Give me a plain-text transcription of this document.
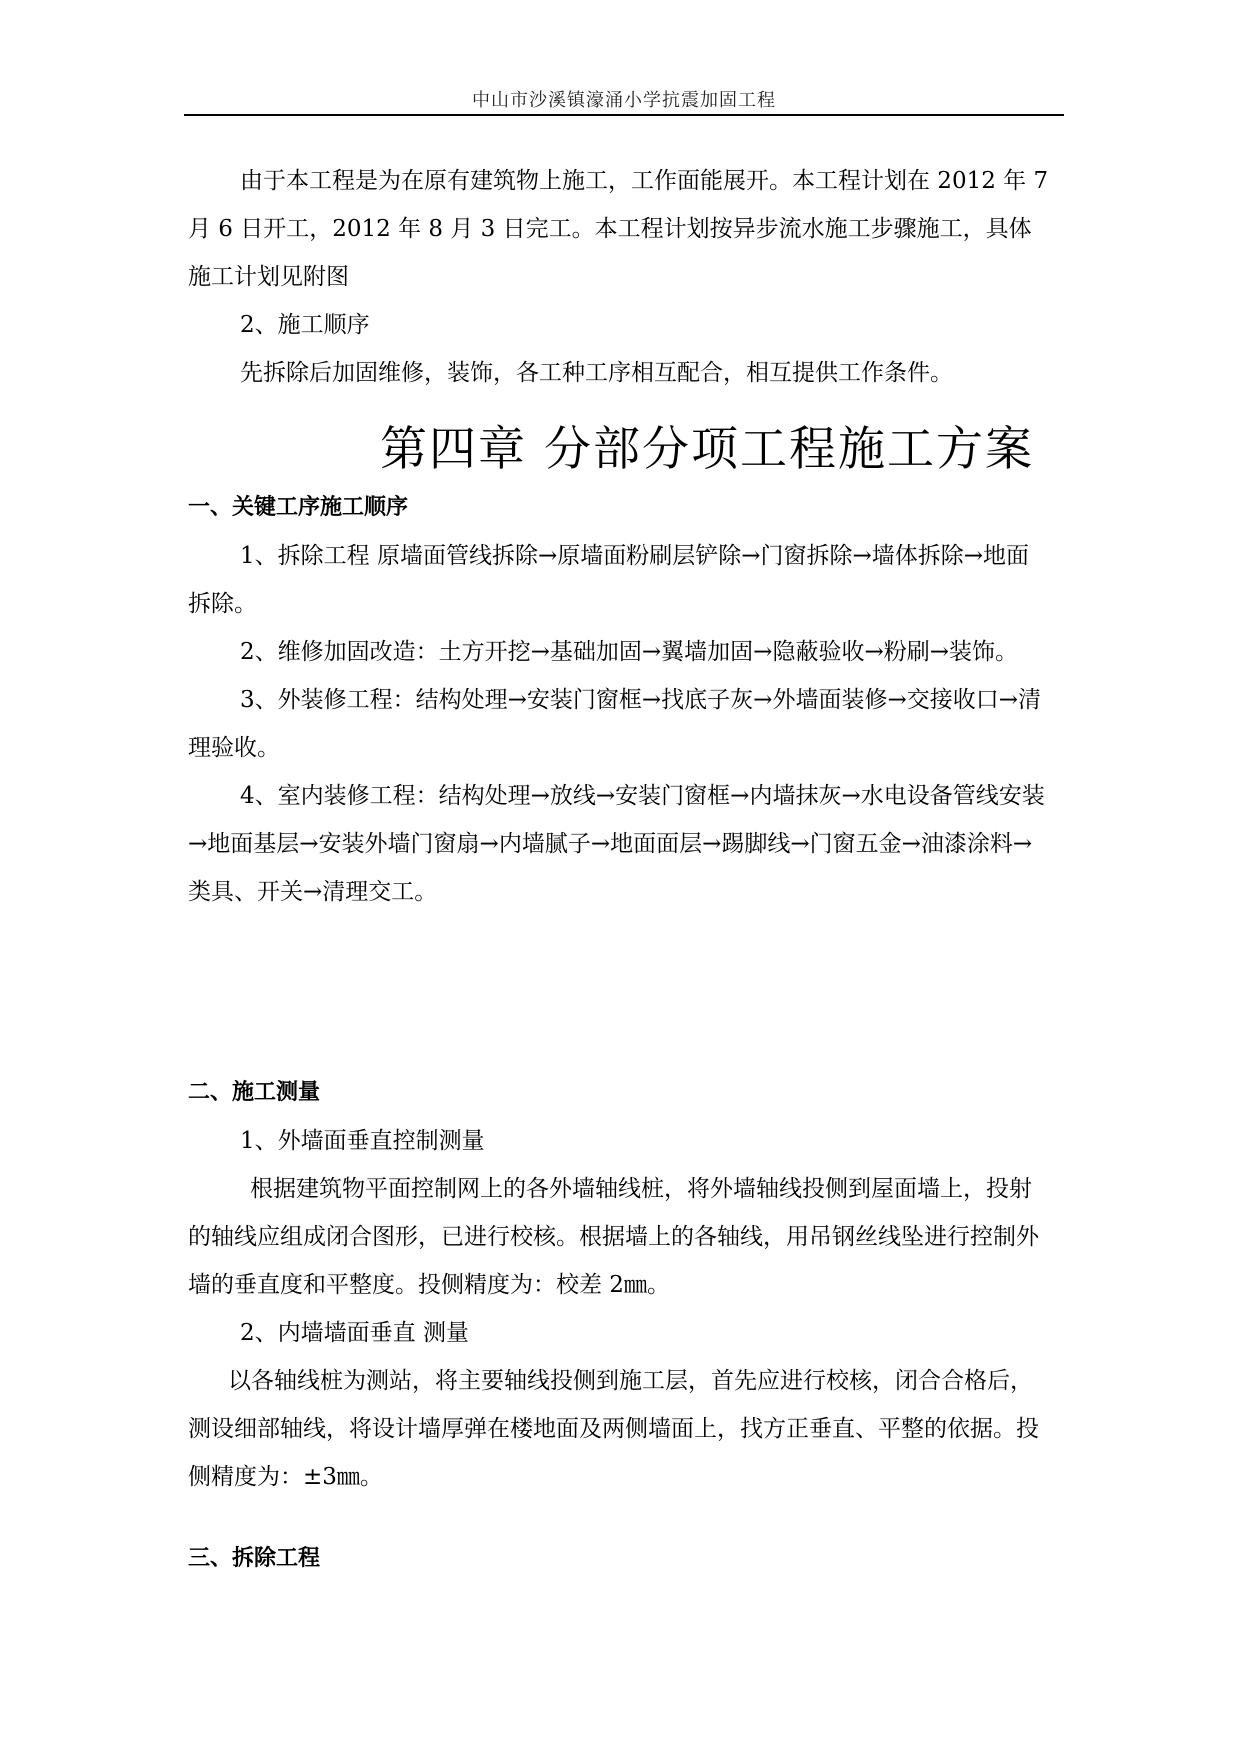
中山市沙溪镇濠涌小学抗震加固工程

由于本工程是为在原有建筑物上施工，工作面能展开。本工程计划在 2012 年 7 月 6 日开工，2012 年 8 月 3 日完工。本工程计划按异步流水施工步骤施工，具体施工计划见附图

2、施工顺序

先拆除后加固维修，装饰，各工种工序相互配合，相互提供工作条件。

第四章 分部分项工程施工方案

一、关键工序施工顺序

1、拆除工程 原墙面管线拆除→原墙面粉刷层铲除→门窗拆除→墙体拆除→地面拆除。

2、维修加固改造：土方开挖→基础加固→翼墙加固→隐蔽验收→粉刷→装饰。

3、外装修工程：结构处理→安装门窗框→找底子灰→外墙面装修→交接收口→清理验收。

4、室内装修工程：结构处理→放线→安装门窗框→内墙抹灰→水电设备管线安装→地面基层→安装外墙门窗扇→内墙腻子→地面面层→踢脚线→门窗五金→油漆涂料→类具、开关→清理交工。

二、施工测量

1、外墙面垂直控制测量

根据建筑物平面控制网上的各外墙轴线桩，将外墙轴线投侧到屋面墙上，投射的轴线应组成闭合图形，已进行校核。根据墙上的各轴线，用吊钢丝线坠进行控制外墙的垂直度和平整度。投侧精度为：校差 2㎜。

2、内墙墙面垂直 测量

以各轴线桩为测站，将主要轴线投侧到施工层，首先应进行校核，闭合合格后，测设细部轴线，将设计墙厚弹在楼地面及两侧墙面上，找方正垂直、平整的依据。投侧精度为：±3㎜。

三、拆除工程
